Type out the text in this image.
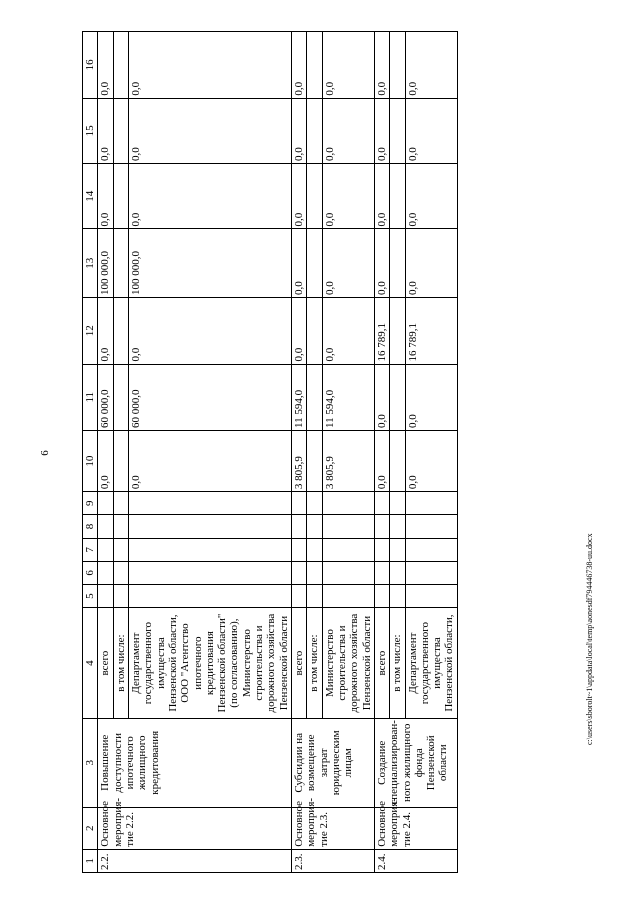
6
1	2	3	4	5	6	7	8	9	10	11	12	13	14	15	16
2.2.	Основное мероприя-тие 2.2.	Повышение доступности ипотечного жилищного кредитования	всего						0,0	60 000,0	0,0	100 000,0	0,0	0,0	0,0
			в том числе:												
			Департамент государственного имущества Пензенской области, ООО "Агентство ипотечного кредитования Пензенской области" (по согласованию), Министерство строительства и дорожного хозяйства Пензенской области						0,0	60 000,0	0,0	100 000,0	0,0	0,0	0,0
2.3.	Основное мероприя-тие 2.3.	Субсидии на возмещение затрат юридическим лицам	всего						3 805,9	11 594,0	0,0	0,0	0,0	0,0	0,0
			в том числе:												
			Министерство строительства и дорожного хозяйства Пензенской области						3 805,9	11 594,0	0,0	0,0	0,0	0,0	0,0
2.4.	Основное мероприя-тие 2.4.	Создание специализирован-ного жилищного фонда Пензенской области	всего						0,0	0,0	16 789,1	0,0	0,0	0,0	0,0
			в том числе:												
			Департамент государственного имущества Пензенской области,						0,0	0,0	16 789,1	0,0	0,0	0,0	0,0
c:\users\sborolt~1\appdata\local\temp\aonesdf794446738-uu.docx
